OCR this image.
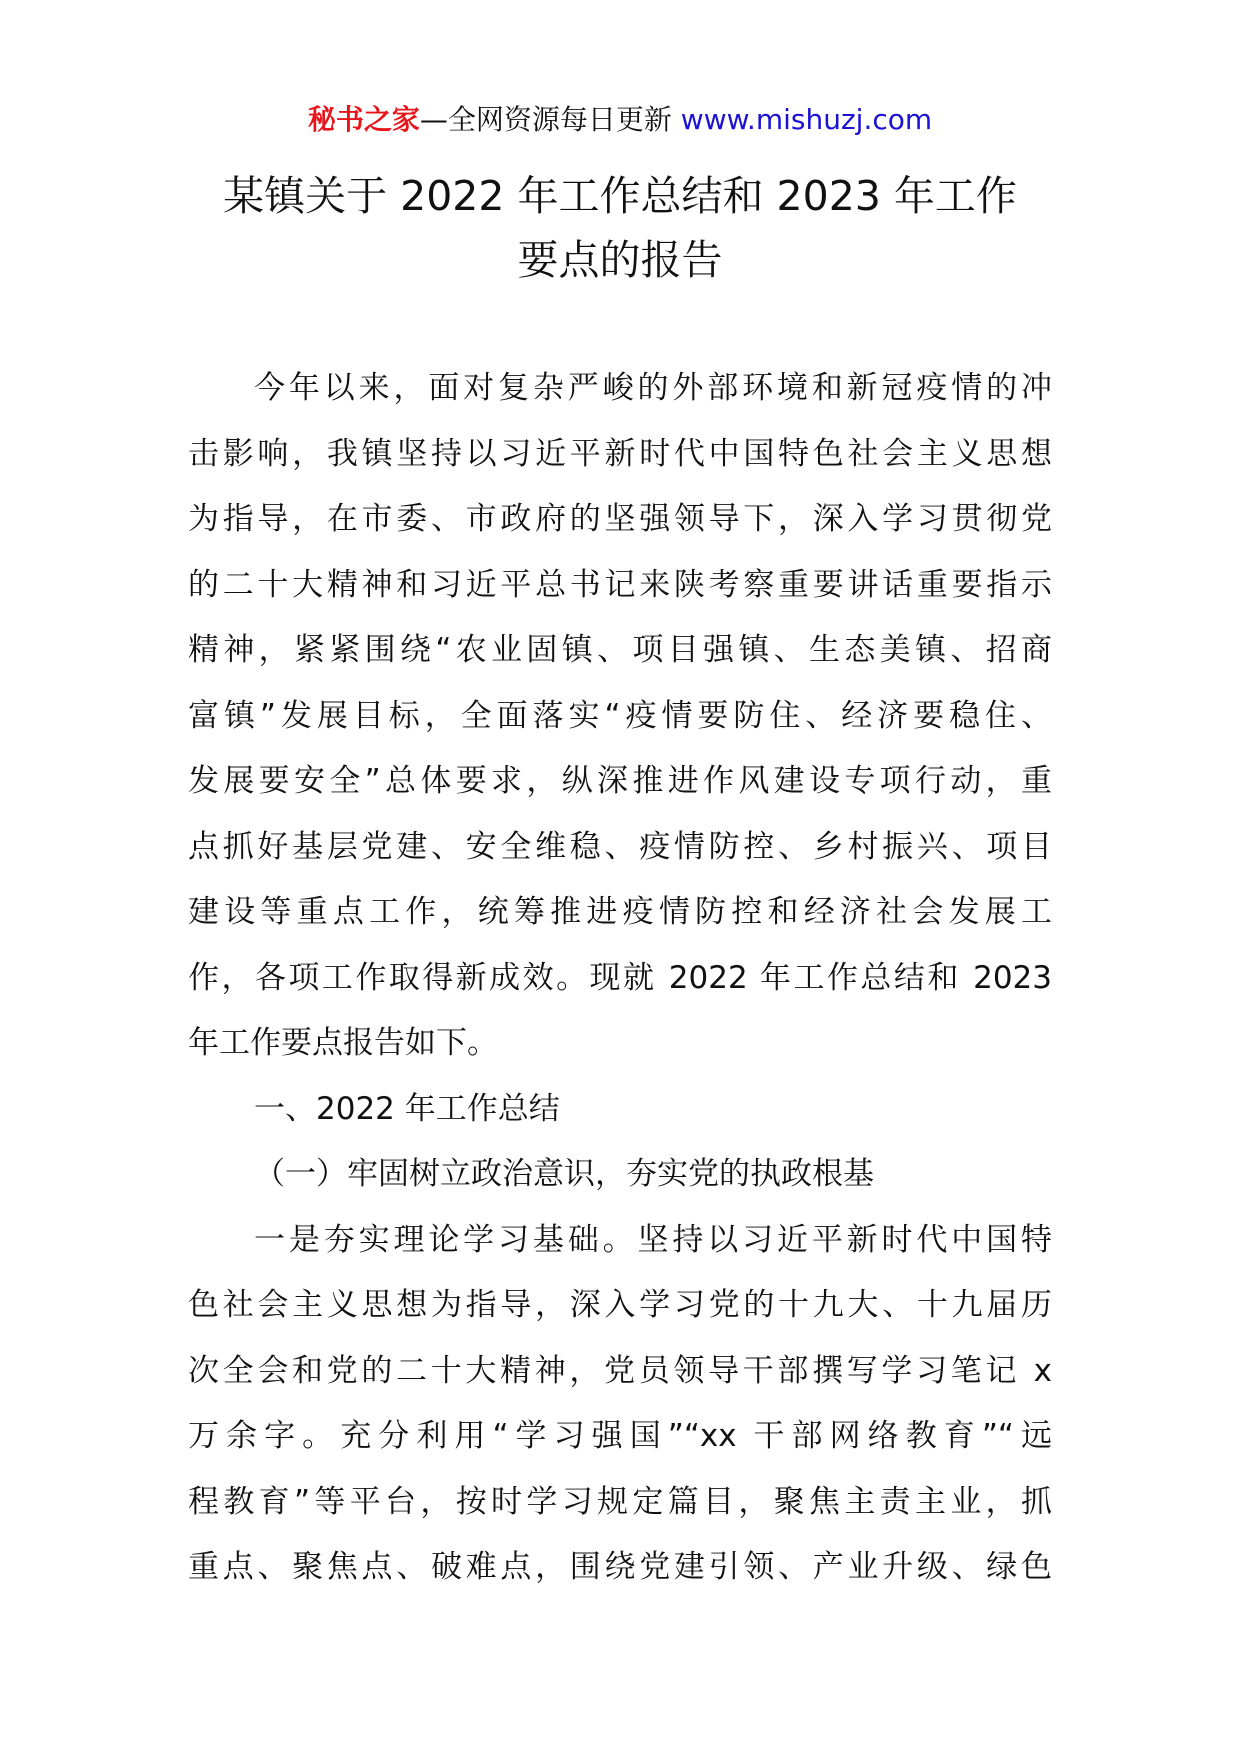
秘书之家—全网资源每日更新 www.mishuzj.com
某镇关于 2022 年工作总结和 2023 年工作
要点的报告
今年以来，面对复杂严峻的外部环境和新冠疫情的冲
击影响，我镇坚持以习近平新时代中国特色社会主义思想
为指导，在市委、市政府的坚强领导下，深入学习贯彻党
的二十大精神和习近平总书记来陕考察重要讲话重要指示
精神，紧紧围绕“农业固镇、项目强镇、生态美镇、招商
富镇”发展目标，全面落实“疫情要防住、经济要稳住、
发展要安全”总体要求，纵深推进作风建设专项行动，重
点抓好基层党建、安全维稳、疫情防控、乡村振兴、项目
建设等重点工作，统筹推进疫情防控和经济社会发展工
作，各项工作取得新成效。现就 2022 年工作总结和 2023
年工作要点报告如下。
一、2022 年工作总结
（一）牢固树立政治意识，夯实党的执政根基
一是夯实理论学习基础。坚持以习近平新时代中国特
色社会主义思想为指导，深入学习党的十九大、十九届历
次全会和党的二十大精神，党员领导干部撰写学习笔记 x
万余字。充分利用“学习强国”“xx 干部网络教育”“远
程教育”等平台，按时学习规定篇目，聚焦主责主业，抓
重点、聚焦点、破难点，围绕党建引领、产业升级、绿色
